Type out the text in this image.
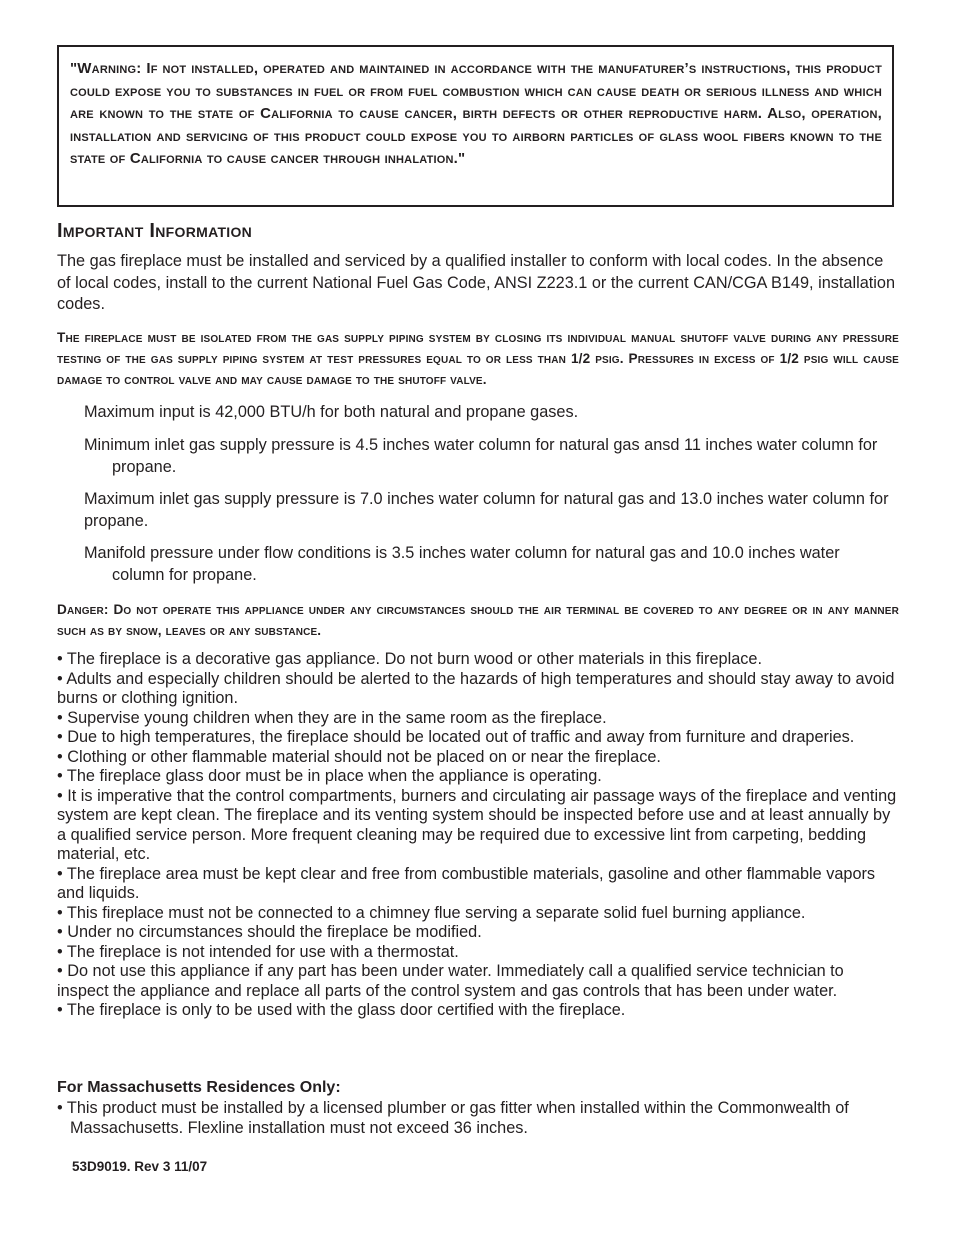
"Warning: If not installed, operated and maintained in accordance with the manufaturer’s instructions, this product could expose you to substances in fuel or from fuel combustion which can cause death or serious illness and which are known to the state of California to cause cancer, birth defects or other reproductive harm. Also, operation, installation and servicing of this product could expose you to airborn particles of glass wool fibers known to the state of California to cause cancer through inhalation."

Important Information

The gas fireplace must be installed and serviced by a qualified installer to conform with local codes. In the absence of local codes, install to the current National Fuel Gas Code, ANSI Z223.1 or the current CAN/CGA B149, installation codes.

The fireplace must be isolated from the gas supply piping system by closing its individual manual shutoff valve during any pressure testing of the gas supply piping system at test pressures equal to or less than 1/2 psig. Pressures in excess of 1/2 psig will cause damage to control valve and may cause damage to the shutoff valve.

Maximum input is 42,000 BTU/h for both natural and propane gases.

Minimum inlet gas supply pressure is 4.5 inches water column for natural gas ansd 11 inches water column for propane.

Maximum inlet gas supply pressure is 7.0 inches water column for natural gas and 13.0 inches water column for propane.

Manifold pressure under flow conditions is 3.5 inches water column for natural gas and 10.0 inches water column for propane.

Danger: Do not operate this appliance under any circumstances should the air terminal be covered to any degree or in any manner such as by snow, leaves or any substance.

• The fireplace is a decorative gas appliance. Do not burn wood or other materials in this fireplace.
• Adults and especially children should be alerted to the hazards of high temperatures and should stay away to avoid burns or clothing ignition.
• Supervise young children when they are in the same room as the fireplace.
• Due to high temperatures, the fireplace should be located out of traffic and away from furniture and draperies.
• Clothing or other flammable material should not be placed on or near the fireplace.
• The fireplace glass door must be in place when the appliance is operating.
• It is imperative that the control compartments, burners and circulating air passage ways of the fireplace and venting system are kept clean. The fireplace and its venting system should be inspected before use and at least annually by a qualified service person. More frequent cleaning may be required due to excessive lint from carpeting, bedding material, etc.
• The fireplace area must be kept clear and free from combustible materials, gasoline and other flammable vapors and liquids.
• This fireplace must not be connected to a chimney flue serving a separate solid fuel burning appliance.
• Under no circumstances should the fireplace be modified.
• The fireplace is not intended for use with a thermostat.
• Do not use this appliance if any part has been under water. Immediately call a qualified service technician to inspect the appliance and replace all parts of the control system and gas controls that has been under water.
• The fireplace is only to be used with the glass door certified with the fireplace.

For Massachusetts Residences Only:

• This product must be installed by a licensed plumber or gas fitter when installed within the Commonwealth of Massachusetts. Flexline installation must not exceed 36 inches.

53D9019. Rev 3 11/07
